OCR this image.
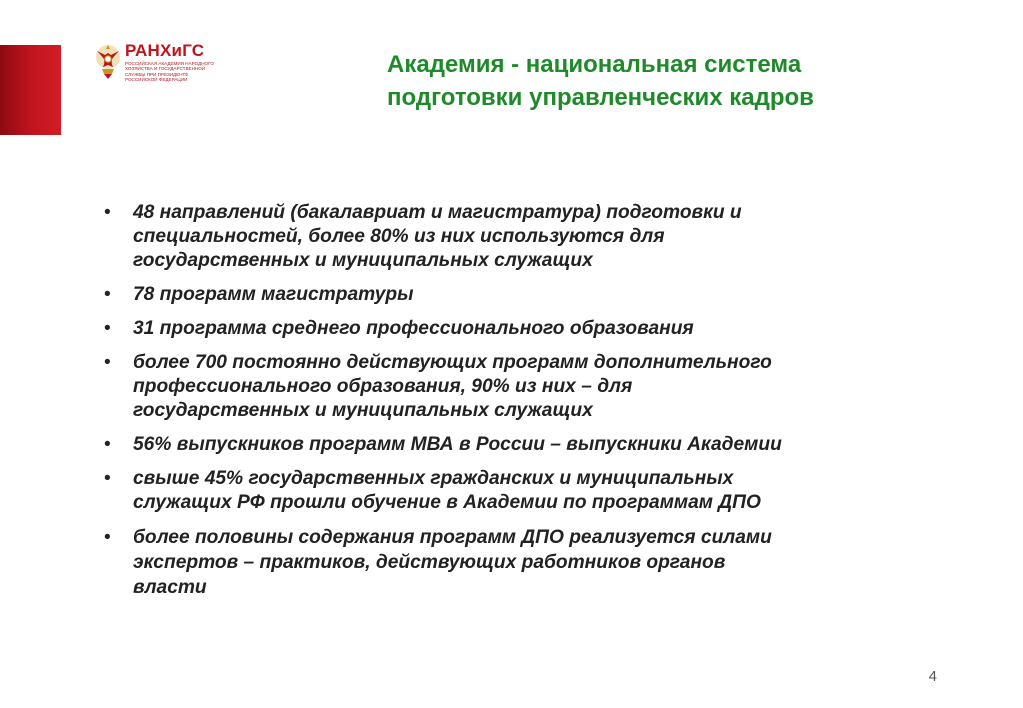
РАНХиГС
РОССИЙСКАЯ АКАДЕМИЯ НАРОДНОГО ХОЗЯЙСТВА И ГОСУДАРСТВЕННОЙ СЛУЖБЫ ПРИ ПРЕЗИДЕНТЕ РОССИЙСКОЙ ФЕДЕРАЦИИ
Академия - национальная система
подготовки управленческих кадров
• 48 направлений (бакалавриат и магистратура) подготовки и
специальностей, более 80% из них используются для
государственных и муниципальных служащих
• 78 программ магистратуры
• 31 программа среднего профессионального образования
• более 700 постоянно действующих программ дополнительного
профессионального образования, 90% из них – для
государственных и муниципальных служащих
• 56% выпускников программ МВА в России – выпускники Академии
• свыше 45% государственных гражданских и муниципальных
служащих РФ прошли обучение в Академии по программам ДПО
• более половины содержания программ ДПО реализуется силами
экспертов – практиков, действующих работников органов
власти
4
